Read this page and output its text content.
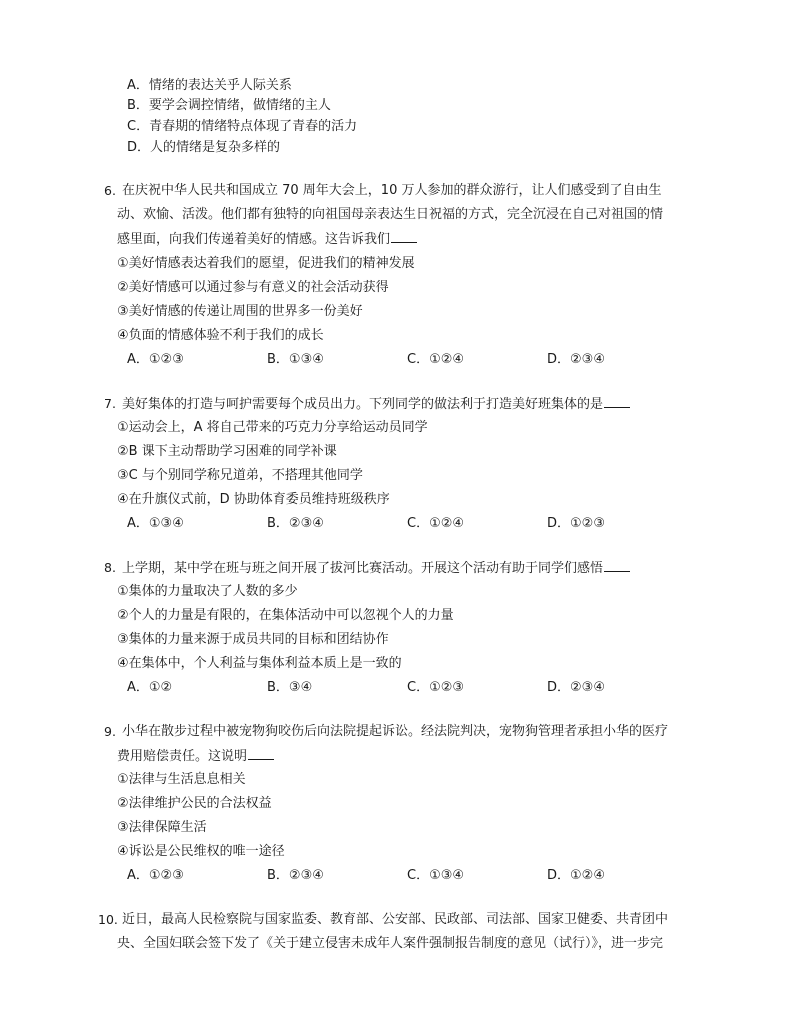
A．情绪的表达关乎人际关系
B．要学会调控情绪，做情绪的主人
C．青春期的情绪特点体现了青春的活力
D．人的情绪是复杂多样的
6. 在庆祝中华人民共和国成立 70 周年大会上，10 万人参加的群众游行，让人们感受到了自由生
动、欢愉、活泼。他们都有独特的向祖国母亲表达生日祝福的方式，完全沉浸在自己对祖国的情
感里面，向我们传递着美好的情感。这告诉我们
①美好情感表达着我们的愿望，促进我们的精神发展
②美好情感可以通过参与有意义的社会活动获得
③美好情感的传递让周围的世界多一份美好
④负面的情感体验不利于我们的成长
A．①②③	B．①③④	C．①②④	D．②③④
7. 美好集体的打造与呵护需要每个成员出力。下列同学的做法利于打造美好班集体的是
①运动会上，A 将自己带来的巧克力分享给运动员同学
②B 课下主动帮助学习困难的同学补课
③C 与个别同学称兄道弟，不搭理其他同学
④在升旗仪式前，D 协助体育委员维持班级秩序
A．①③④	B．②③④	C．①②④	D．①②③
8. 上学期，某中学在班与班之间开展了拔河比赛活动。开展这个活动有助于同学们感悟
①集体的力量取决了人数的多少
②个人的力量是有限的，在集体活动中可以忽视个人的力量
③集体的力量来源于成员共同的目标和团结协作
④在集体中，个人利益与集体利益本质上是一致的
A．①②	B．③④	C．①②③	D．②③④
9. 小华在散步过程中被宠物狗咬伤后向法院提起诉讼。经法院判决，宠物狗管理者承担小华的医疗
费用赔偿责任。这说明
①法律与生活息息相关
②法律维护公民的合法权益
③法律保障生活
④诉讼是公民维权的唯一途径
A．①②③	B．②③④	C．①③④	D．①②④
10. 近日，最高人民检察院与国家监委、教育部、公安部、民政部、司法部、国家卫健委、共青团中
央、全国妇联会签下发了《关于建立侵害未成年人案件强制报告制度的意见（试行）》，进一步完
